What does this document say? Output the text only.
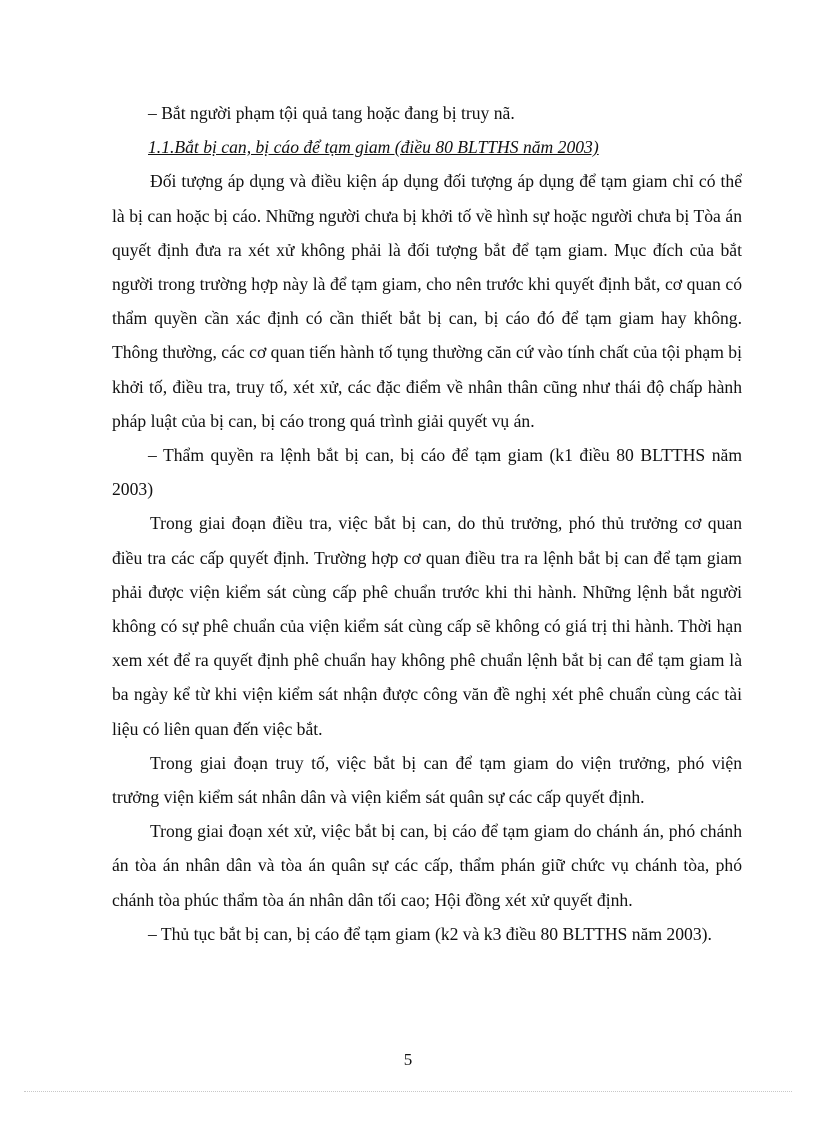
– Bắt người phạm tội quả tang hoặc đang bị truy nã.

1.1.Bắt bị can, bị cáo để tạm giam (điều 80 BLTTHS năm 2003)

Đối tượng áp dụng và điều kiện áp dụng đối tượng áp dụng để tạm giam chỉ có thể là bị can hoặc bị cáo. Những người chưa bị khởi tố về hình sự hoặc người chưa bị Tòa án quyết định đưa ra xét xử không phải là đối tượng bắt để tạm giam. Mục đích của bắt người trong trường hợp này là để tạm giam, cho nên trước khi quyết định bắt, cơ quan có thẩm quyền cần xác định có cần thiết bắt bị can, bị cáo đó để tạm giam hay không. Thông thường, các cơ quan tiến hành tố tụng thường căn cứ vào tính chất của tội phạm bị khởi tố, điều tra, truy tố, xét xử, các đặc điểm về nhân thân cũng như thái độ chấp hành pháp luật của bị can, bị cáo trong quá trình giải quyết vụ án.

– Thẩm quyền ra lệnh bắt bị can, bị cáo để tạm giam (k1 điều 80 BLTTHS năm 2003)

Trong giai đoạn điều tra, việc bắt bị can, do thủ trưởng, phó thủ trưởng cơ quan điều tra các cấp quyết định. Trường hợp cơ quan điều tra ra lệnh bắt bị can để tạm giam phải được viện kiểm sát cùng cấp phê chuẩn trước khi thi hành. Những lệnh bắt người không có sự phê chuẩn của viện kiểm sát cùng cấp sẽ không có giá trị thi hành. Thời hạn xem xét để ra quyết định phê chuẩn hay không phê chuẩn lệnh bắt bị can để tạm giam là ba ngày kể từ khi viện kiểm sát nhận được công văn đề nghị xét phê chuẩn cùng các tài liệu có liên quan đến việc bắt.

Trong giai đoạn truy tố, việc bắt bị can để tạm giam do viện trưởng, phó viện trưởng viện kiểm sát nhân dân và viện kiểm sát quân sự các cấp quyết định.

Trong giai đoạn xét xử, việc bắt bị can, bị cáo để tạm giam do chánh án, phó chánh án tòa án nhân dân và tòa án quân sự các cấp, thẩm phán giữ chức vụ chánh tòa, phó chánh tòa phúc thẩm tòa án nhân dân tối cao; Hội đồng xét xử quyết định.

– Thủ tục bắt bị can, bị cáo để tạm giam (k2 và k3 điều 80 BLTTHS năm 2003).

5
